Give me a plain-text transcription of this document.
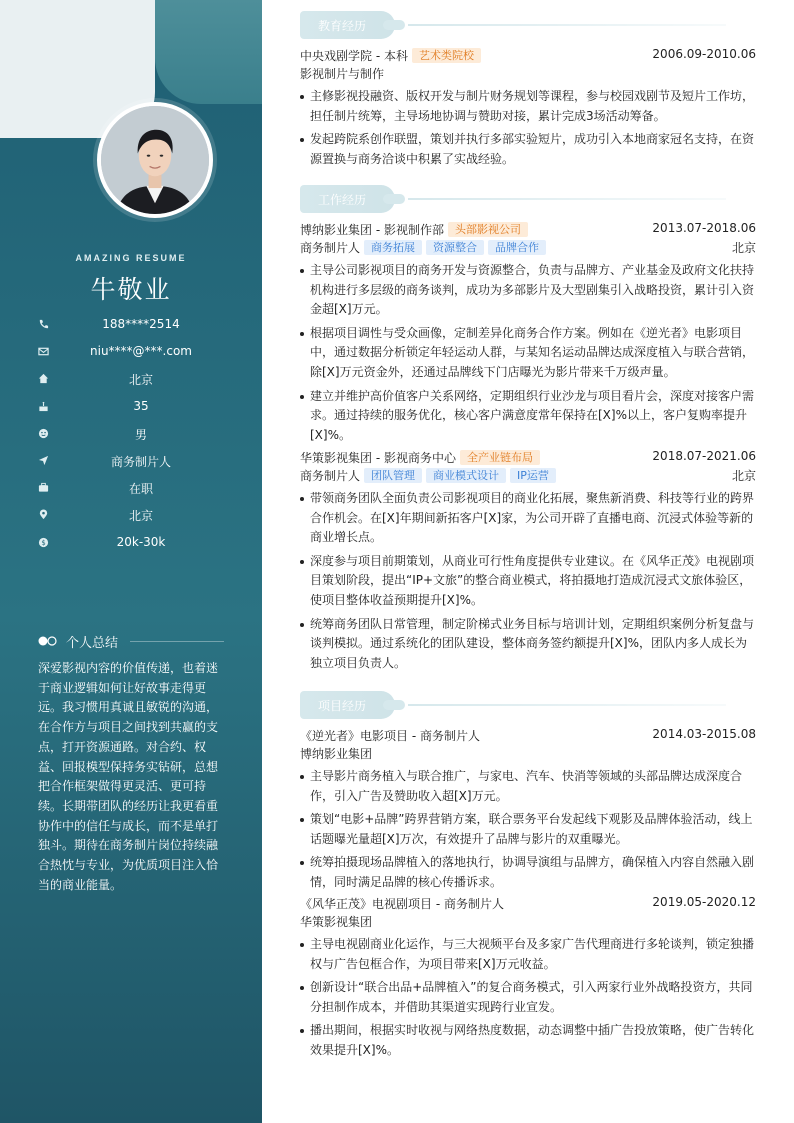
AMAZING RESUME
牛敬业
188****2514
niu****@***.com
北京
35
男
商务制片人
在职
北京
$	20k-30k
个人总结
深爱影视内容的价值传递，也着迷于商业逻辑如何让好故事走得更远。我习惯用真诚且敏锐的沟通，在合作方与项目之间找到共赢的支点，打开资源通路。对合约、权益、回报模型保持务实钻研，总想把合作框架做得更灵活、更可持续。长期带团队的经历让我更看重协作中的信任与成长，而不是单打独斗。期待在商务制片岗位持续融合热忱与专业，为优质项目注入恰当的商业能量。
教育经历
中央戏剧学院 - 本科 艺术类院校	2006.09-2010.06
影视制片与制作
主修影视投融资、版权开发与制片财务规划等课程，参与校园戏剧节及短片工作坊，担任制片统筹，主导场地协调与赞助对接，累计完成3场活动筹备。
发起跨院系创作联盟，策划并执行多部实验短片，成功引入本地商家冠名支持，在资源置换与商务洽谈中积累了实战经验。
工作经历
博纳影业集团 - 影视制作部 头部影视公司	2013.07-2018.06
商务制片人 商务拓展 资源整合 品牌合作	北京
主导公司影视项目的商务开发与资源整合，负责与品牌方、产业基金及政府文化扶持机构进行多层级的商务谈判，成功为多部影片及大型剧集引入战略投资，累计引入资金超[X]万元。
根据项目调性与受众画像，定制差异化商务合作方案。例如在《逆光者》电影项目中，通过数据分析锁定年轻运动人群，与某知名运动品牌达成深度植入与联合营销，除[X]万元资金外，还通过品牌线下门店曝光为影片带来千万级声量。
建立并维护高价值客户关系网络，定期组织行业沙龙与项目看片会，深度对接客户需求。通过持续的服务优化，核心客户满意度常年保持在[X]%以上，客户复购率提升[X]%。
华策影视集团 - 影视商务中心 全产业链布局	2018.07-2021.06
商务制片人 团队管理 商业模式设计 IP运营	北京
带领商务团队全面负责公司影视项目的商业化拓展，聚焦新消费、科技等行业的跨界合作机会。在[X]年期间新拓客户[X]家，为公司开辟了直播电商、沉浸式体验等新的商业增长点。
深度参与项目前期策划，从商业可行性角度提供专业建议。在《风华正茂》电视剧项目策划阶段，提出“IP+文旅”的整合商业模式，将拍摄地打造成沉浸式文旅体验区，使项目整体收益预期提升[X]%。
统筹商务团队日常管理，制定阶梯式业务目标与培训计划，定期组织案例分析复盘与谈判模拟。通过系统化的团队建设，整体商务签约额提升[X]%，团队内多人成长为独立项目负责人。
项目经历
《逆光者》电影项目 - 商务制片人	2014.03-2015.08
博纳影业集团
主导影片商务植入与联合推广，与家电、汽车、快消等领域的头部品牌达成深度合作，引入广告及赞助收入超[X]万元。
策划“电影+品牌”跨界营销方案，联合票务平台发起线下观影及品牌体验活动，线上话题曝光量超[X]万次，有效提升了品牌与影片的双重曝光。
统筹拍摄现场品牌植入的落地执行，协调导演组与品牌方，确保植入内容自然融入剧情，同时满足品牌的核心传播诉求。
《风华正茂》电视剧项目 - 商务制片人	2019.05-2020.12
华策影视集团
主导电视剧商业化运作，与三大视频平台及多家广告代理商进行多轮谈判，锁定独播权与广告包框合作，为项目带来[X]万元收益。
创新设计“联合出品+品牌植入”的复合商务模式，引入两家行业外战略投资方，共同分担制作成本，并借助其渠道实现跨行业宣发。
播出期间，根据实时收视与网络热度数据，动态调整中插广告投放策略，使广告转化效果提升[X]%。
